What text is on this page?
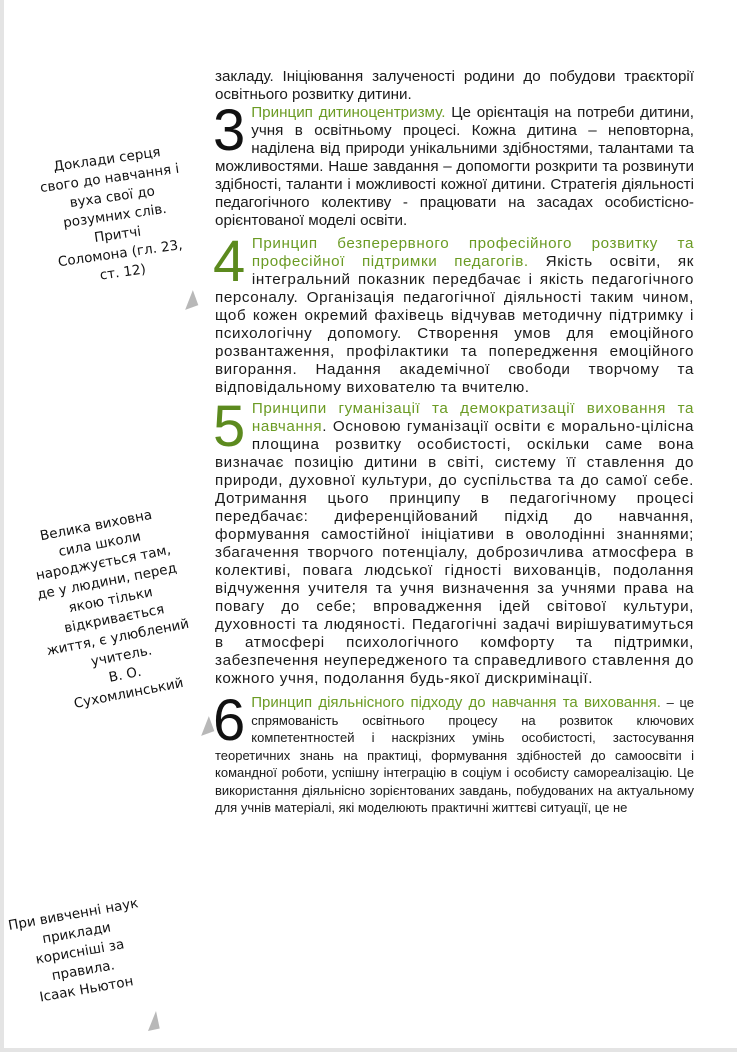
закладу. Ініціювання залученості родини до побудови траєкторії освітнього розвитку дитини.

3 Принцип дитиноцентризму. Це орієнтація на потреби дитини, учня в освітньому процесі. Кожна дитина – неповторна, наділена від природи унікальними здібностями, талантами та можливостями. Наше завдання – допомогти розкрити та розвинути здібності, таланти і можливості кожної дитини. Стратегія діяльності педагогічного колективу - працювати на засадах особистісно-орієнтованої моделі освіти.

4 Принцип безперервного професійного розвитку та професійної підтримки педагогів. Якість освіти, як інтегральний показник передбачає і якість педагогічного персоналу. Організація педагогічної діяльності таким чином, щоб кожен окремий фахівець відчував методичну підтримку і психологічну допомогу. Створення умов для емоційного розвантаження, профілактики та попередження емоційного вигорання. Надання академічної свободи творчому та відповідальному вихователю та вчителю.

5 Принципи гуманізації та демократизації виховання та навчання. Основою гуманізації освіти є морально-цілісна площина розвитку особистості, оскільки саме вона визначає позицію дитини в світі, систему її ставлення до природи, духовної культури, до суспільства та до самої себе. Дотримання цього принципу в педагогічному процесі передбачає: диференційований підхід до навчання, формування самостійної ініціативи в оволодінні знаннями; збагачення творчого потенціалу, доброзичлива атмосфера в колективі, повага людської гідності вихованців, подолання відчуження учителя та учня визначення за учнями права на повагу до себе; впровадження ідей світової культури, духовності та людяності. Педагогічні задачі вирішуватимуться в атмосфері психологічного комфорту та підтримки, забезпечення неупередженого та справедливого ставлення до кожного учня, подолання будь-якої дискримінації.

6 Принцип діяльнісного підходу до навчання та виховання. – це спрямованість освітнього процесу на розвиток ключових компетентностей і наскрізних умінь особистості, застосування теоретичних знань на практиці, формування здібностей до самоосвіти і командної роботи, успішну інтеграцію в соціум і особисту самореалізацію. Це використання діяльнісно зорієнтованих завдань, побудованих на актуальному для учнів матеріалі, які моделюють практичні життєві ситуації, це не

Доклади серця
свого до навчання і
вуха свої до
розумних слів.
Притчі
Соломона (гл. 23,
ст. 12)
Велика виховна
сила школи
народжується там,
де у людини, перед
якою тільки
відкривається
життя, є улюблений
учитель.
В. О.
Сухомлинський
При вивченні наук
приклади
корисніші за
правила.
Ісаак Ньютон
